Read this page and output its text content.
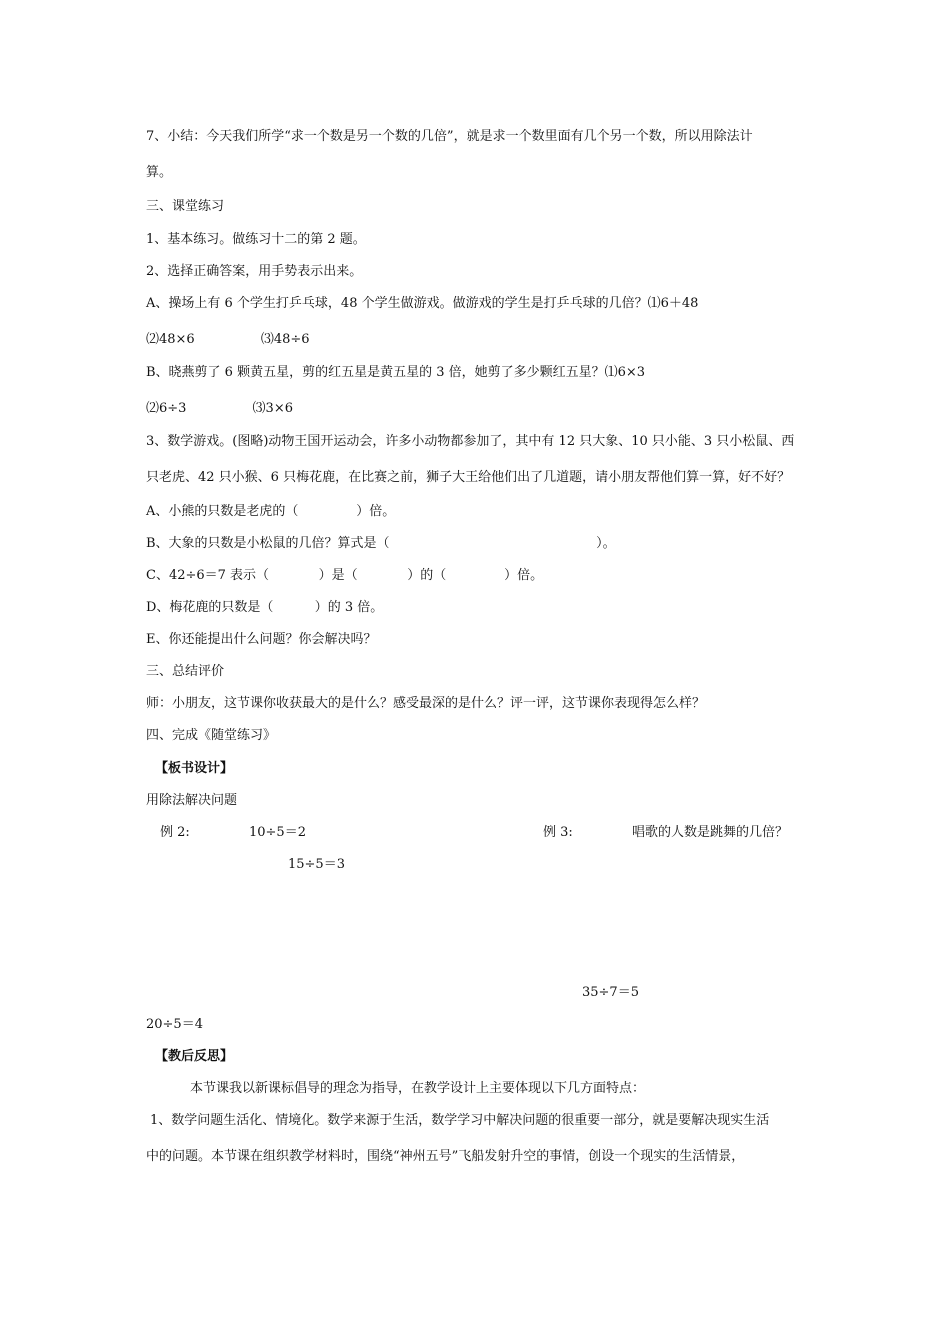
7、小结：今天我们所学“求一个数是另一个数的几倍”，就是求一个数里面有几个另一个数，所以用除法计
算。
三、课堂练习
1、基本练习。做练习十二的第 2 题。
2、选择正确答案，用手势表示出来。
A、操场上有 6 个学生打乒乓球，48 个学生做游戏。做游戏的学生是打乒乓球的几倍？⑴6＋48
⑵48×6                ⑶48÷6
B、晓燕剪了 6 颗黄五星，剪的红五星是黄五星的 3 倍，她剪了多少颗红五星？⑴6×3
⑵6÷3                ⑶3×6
3、数学游戏。(图略)动物王国开运动会，许多小动物都参加了，其中有 12 只大象、10 只小能、3 只小松鼠、西
只老虎、42 只小猴、6 只梅花鹿，在比赛之前，狮子大王给他们出了几道题，请小朋友帮他们算一算，好不好？
A、小熊的只数是老虎的（              ）倍。
B、大象的只数是小松鼠的几倍？算式是（                                                  ）。
C、42÷6＝7 表示（            ）是（            ）的（              ）倍。
D、梅花鹿的只数是（          ）的 3 倍。
E、你还能提出什么问题？你会解决吗？
三、总结评价
师：小朋友，这节课你收获最大的是什么？感受最深的是什么？评一评，这节课你表现得怎么样？
四、完成《随堂练习》
【板书设计】
用除法解决问题
例 2:	10÷5＝2
15÷5＝3
例 3:	唱歌的人数是跳舞的几倍？
35÷7＝5
20÷5＝4
【教后反思】
本节课我以新课标倡导的理念为指导，在教学设计上主要体现以下几方面特点：
1、数学问题生活化、情境化。数学来源于生活，数学学习中解决问题的很重要一部分，就是要解决现实生活
中的问题。本节课在组织教学材料时，围绕“神州五号”飞船发射升空的事情，创设一个现实的生活情景，
